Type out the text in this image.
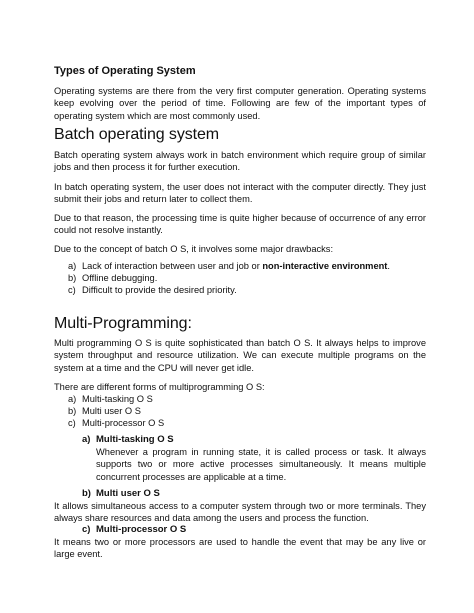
Types of Operating System

Operating systems are there from the very first computer generation. Operating systems keep evolving over the period of time. Following are few of the important types of operating system which are most commonly used.

Batch operating system

Batch operating system always work in batch environment which require group of similar jobs and then process it for further execution.

In batch operating system, the user does not interact with the computer directly. They just submit their jobs and return later to collect them.

Due to that reason, the processing time is quite higher because of occurrence of any error could not resolve instantly.

Due to the concept of batch O S, it involves some major drawbacks:

a) Lack of interaction between user and job or non-interactive environment.
b) Offline debugging.
c) Difficult to provide the desired priority.

Multi-Programming:

Multi programming O S is quite sophisticated than batch O S. It always helps to improve system throughput and resource utilization. We can execute multiple programs on the system at a time and the CPU will never get idle.

There are different forms of multiprogramming O S:

a) Multi-tasking O S
b) Multi user O S
c) Multi-processor O S

a) Multi-tasking O S

Whenever a program in running state, it is called process or task. It always supports two or more active processes simultaneously. It means multiple concurrent processes are applicable at a time.

b) Multi user O S

It allows simultaneous access to a computer system through two or more terminals. They always share resources and data among the users and process the function.

c) Multi-processor O S

It means two or more processors are used to handle the event that may be any live or large event.
